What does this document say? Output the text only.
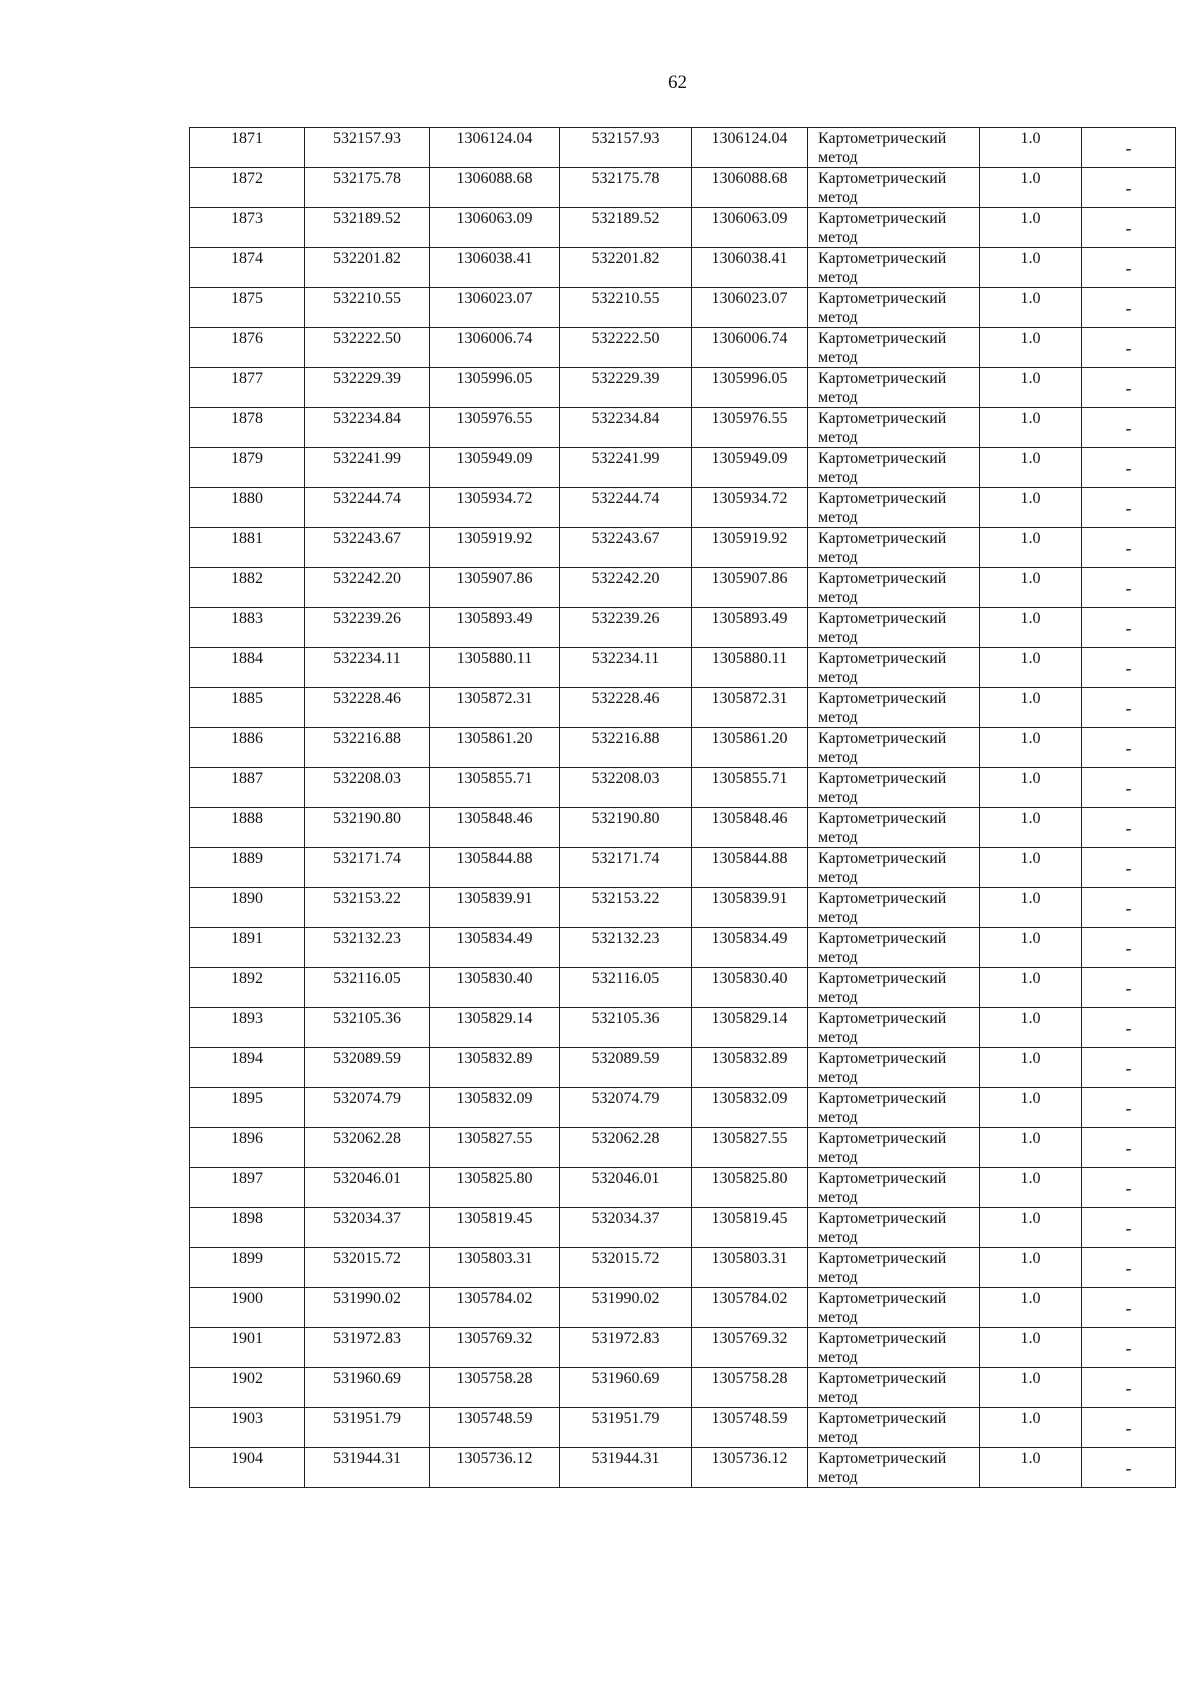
62
1871	532157.93	1306124.04	532157.93	1306124.04	Картометрический метод	1.0	-
1872	532175.78	1306088.68	532175.78	1306088.68	Картометрический метод	1.0	-
1873	532189.52	1306063.09	532189.52	1306063.09	Картометрический метод	1.0	-
1874	532201.82	1306038.41	532201.82	1306038.41	Картометрический метод	1.0	-
1875	532210.55	1306023.07	532210.55	1306023.07	Картометрический метод	1.0	-
1876	532222.50	1306006.74	532222.50	1306006.74	Картометрический метод	1.0	-
1877	532229.39	1305996.05	532229.39	1305996.05	Картометрический метод	1.0	-
1878	532234.84	1305976.55	532234.84	1305976.55	Картометрический метод	1.0	-
1879	532241.99	1305949.09	532241.99	1305949.09	Картометрический метод	1.0	-
1880	532244.74	1305934.72	532244.74	1305934.72	Картометрический метод	1.0	-
1881	532243.67	1305919.92	532243.67	1305919.92	Картометрический метод	1.0	-
1882	532242.20	1305907.86	532242.20	1305907.86	Картометрический метод	1.0	-
1883	532239.26	1305893.49	532239.26	1305893.49	Картометрический метод	1.0	-
1884	532234.11	1305880.11	532234.11	1305880.11	Картометрический метод	1.0	-
1885	532228.46	1305872.31	532228.46	1305872.31	Картометрический метод	1.0	-
1886	532216.88	1305861.20	532216.88	1305861.20	Картометрический метод	1.0	-
1887	532208.03	1305855.71	532208.03	1305855.71	Картометрический метод	1.0	-
1888	532190.80	1305848.46	532190.80	1305848.46	Картометрический метод	1.0	-
1889	532171.74	1305844.88	532171.74	1305844.88	Картометрический метод	1.0	-
1890	532153.22	1305839.91	532153.22	1305839.91	Картометрический метод	1.0	-
1891	532132.23	1305834.49	532132.23	1305834.49	Картометрический метод	1.0	-
1892	532116.05	1305830.40	532116.05	1305830.40	Картометрический метод	1.0	-
1893	532105.36	1305829.14	532105.36	1305829.14	Картометрический метод	1.0	-
1894	532089.59	1305832.89	532089.59	1305832.89	Картометрический метод	1.0	-
1895	532074.79	1305832.09	532074.79	1305832.09	Картометрический метод	1.0	-
1896	532062.28	1305827.55	532062.28	1305827.55	Картометрический метод	1.0	-
1897	532046.01	1305825.80	532046.01	1305825.80	Картометрический метод	1.0	-
1898	532034.37	1305819.45	532034.37	1305819.45	Картометрический метод	1.0	-
1899	532015.72	1305803.31	532015.72	1305803.31	Картометрический метод	1.0	-
1900	531990.02	1305784.02	531990.02	1305784.02	Картометрический метод	1.0	-
1901	531972.83	1305769.32	531972.83	1305769.32	Картометрический метод	1.0	-
1902	531960.69	1305758.28	531960.69	1305758.28	Картометрический метод	1.0	-
1903	531951.79	1305748.59	531951.79	1305748.59	Картометрический метод	1.0	-
1904	531944.31	1305736.12	531944.31	1305736.12	Картометрический метод	1.0	-
